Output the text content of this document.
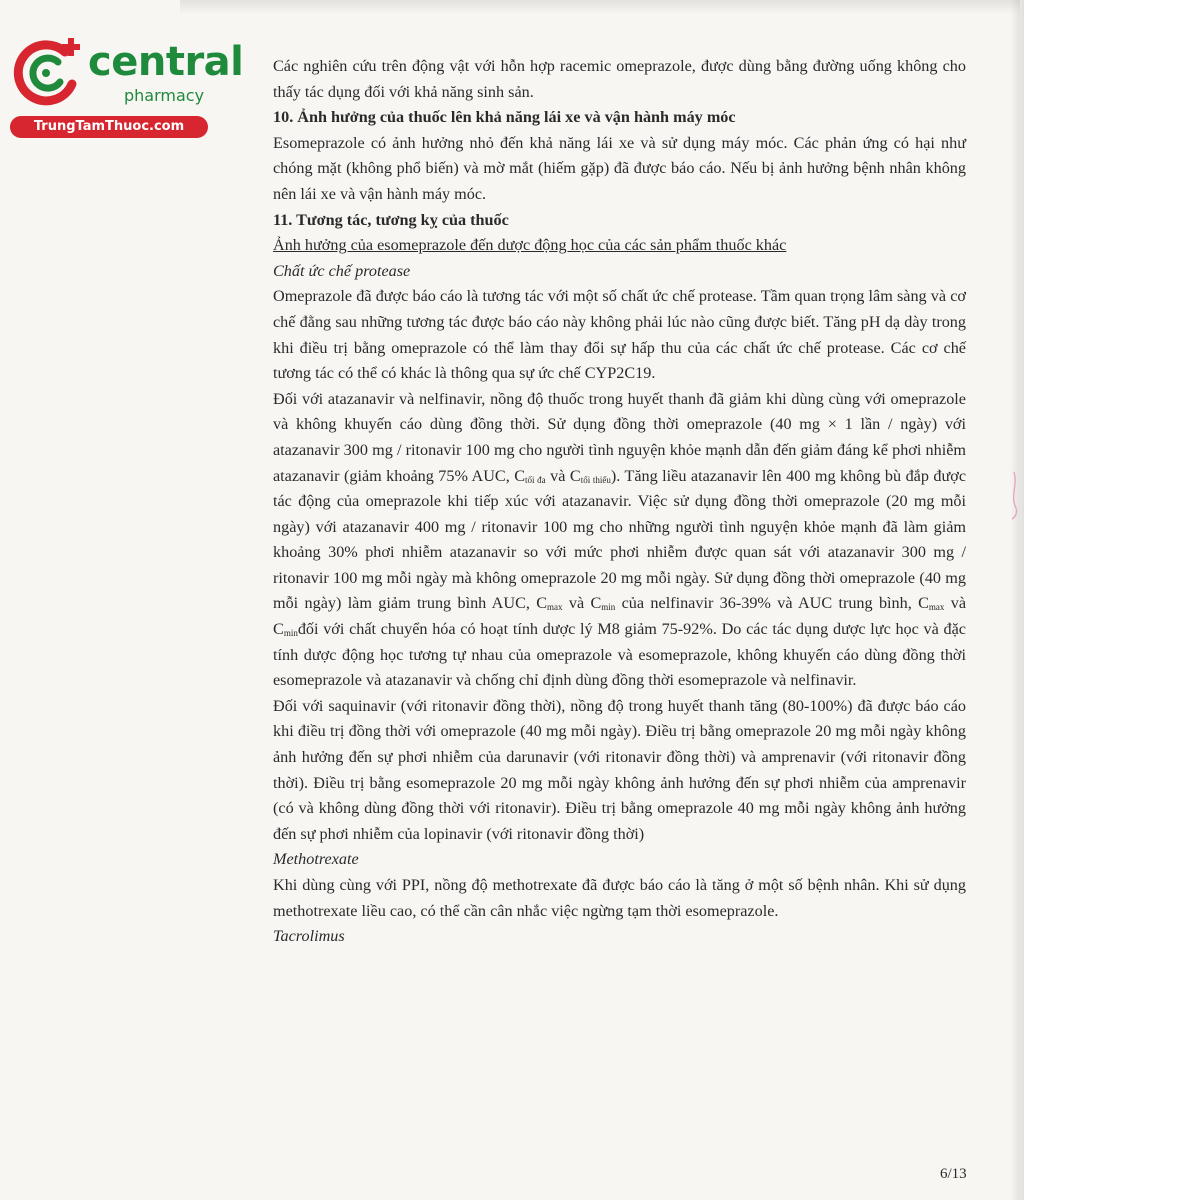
central
pharmacy
TrungTamThuoc.com

Các nghiên cứu trên động vật với hỗn hợp racemic omeprazole, được dùng bằng đường uống không cho thấy tác dụng đối với khả năng sinh sản.

10. Ảnh hưởng của thuốc lên khả năng lái xe và vận hành máy móc

Esomeprazole có ảnh hưởng nhỏ đến khả năng lái xe và sử dụng máy móc. Các phản ứng có hại như chóng mặt (không phổ biến) và mờ mắt (hiếm gặp) đã được báo cáo. Nếu bị ảnh hưởng bệnh nhân không nên lái xe và vận hành máy móc.

11. Tương tác, tương kỵ của thuốc

Ảnh hưởng của esomeprazole đến dược động học của các sản phẩm thuốc khác

Chất ức chế protease

Omeprazole đã được báo cáo là tương tác với một số chất ức chế protease. Tầm quan trọng lâm sàng và cơ chế đằng sau những tương tác được báo cáo này không phải lúc nào cũng được biết. Tăng pH dạ dày trong khi điều trị bằng omeprazole có thể làm thay đổi sự hấp thu của các chất ức chế protease. Các cơ chế tương tác có thể có khác là thông qua sự ức chế CYP2C19.

Đối với atazanavir và nelfinavir, nồng độ thuốc trong huyết thanh đã giảm khi dùng cùng với omeprazole và không khuyến cáo dùng đồng thời. Sử dụng đồng thời omeprazole (40 mg × 1 lần / ngày) với atazanavir 300 mg / ritonavir 100 mg cho người tình nguyện khỏe mạnh dẫn đến giảm đáng kể phơi nhiễm atazanavir (giảm khoảng 75% AUC, $C_{tối đa}$ và $C_{tối thiểu}$). Tăng liều atazanavir lên 400 mg không bù đắp được tác động của omeprazole khi tiếp xúc với atazanavir. Việc sử dụng đồng thời omeprazole (20 mg mỗi ngày) với atazanavir 400 mg / ritonavir 100 mg cho những người tình nguyện khỏe mạnh đã làm giảm khoảng 30% phơi nhiễm atazanavir so với mức phơi nhiễm được quan sát với atazanavir 300 mg / ritonavir 100 mg mỗi ngày mà không omeprazole 20 mg mỗi ngày. Sử dụng đồng thời omeprazole (40 mg mỗi ngày) làm giảm trung bình AUC, $C_{max}$ và $C_{min}$ của nelfinavir 36-39% và AUC trung bình, $C_{max}$ và $C_{min}đối$ với chất chuyển hóa có hoạt tính dược lý M8 giảm 75-92%. Do các tác dụng dược lực học và đặc tính dược động học tương tự nhau của omeprazole và esomeprazole, không khuyến cáo dùng đồng thời esomeprazole và atazanavir và chống chỉ định dùng đồng thời esomeprazole và nelfinavir.

Đối với saquinavir (với ritonavir đồng thời), nồng độ trong huyết thanh tăng (80-100%) đã được báo cáo khi điều trị đồng thời với omeprazole (40 mg mỗi ngày). Điều trị bằng omeprazole 20 mg mỗi ngày không ảnh hưởng đến sự phơi nhiễm của darunavir (với ritonavir đồng thời) và amprenavir (với ritonavir đồng thời). Điều trị bằng esomeprazole 20 mg mỗi ngày không ảnh hưởng đến sự phơi nhiễm của amprenavir (có và không dùng đồng thời với ritonavir). Điều trị bằng omeprazole 40 mg mỗi ngày không ảnh hưởng đến sự phơi nhiễm của lopinavir (với ritonavir đồng thời)

Methotrexate

Khi dùng cùng với PPI, nồng độ methotrexate đã được báo cáo là tăng ở một số bệnh nhân. Khi sử dụng methotrexate liều cao, có thể cần cân nhắc việc ngừng tạm thời esomeprazole.

Tacrolimus

6/13
